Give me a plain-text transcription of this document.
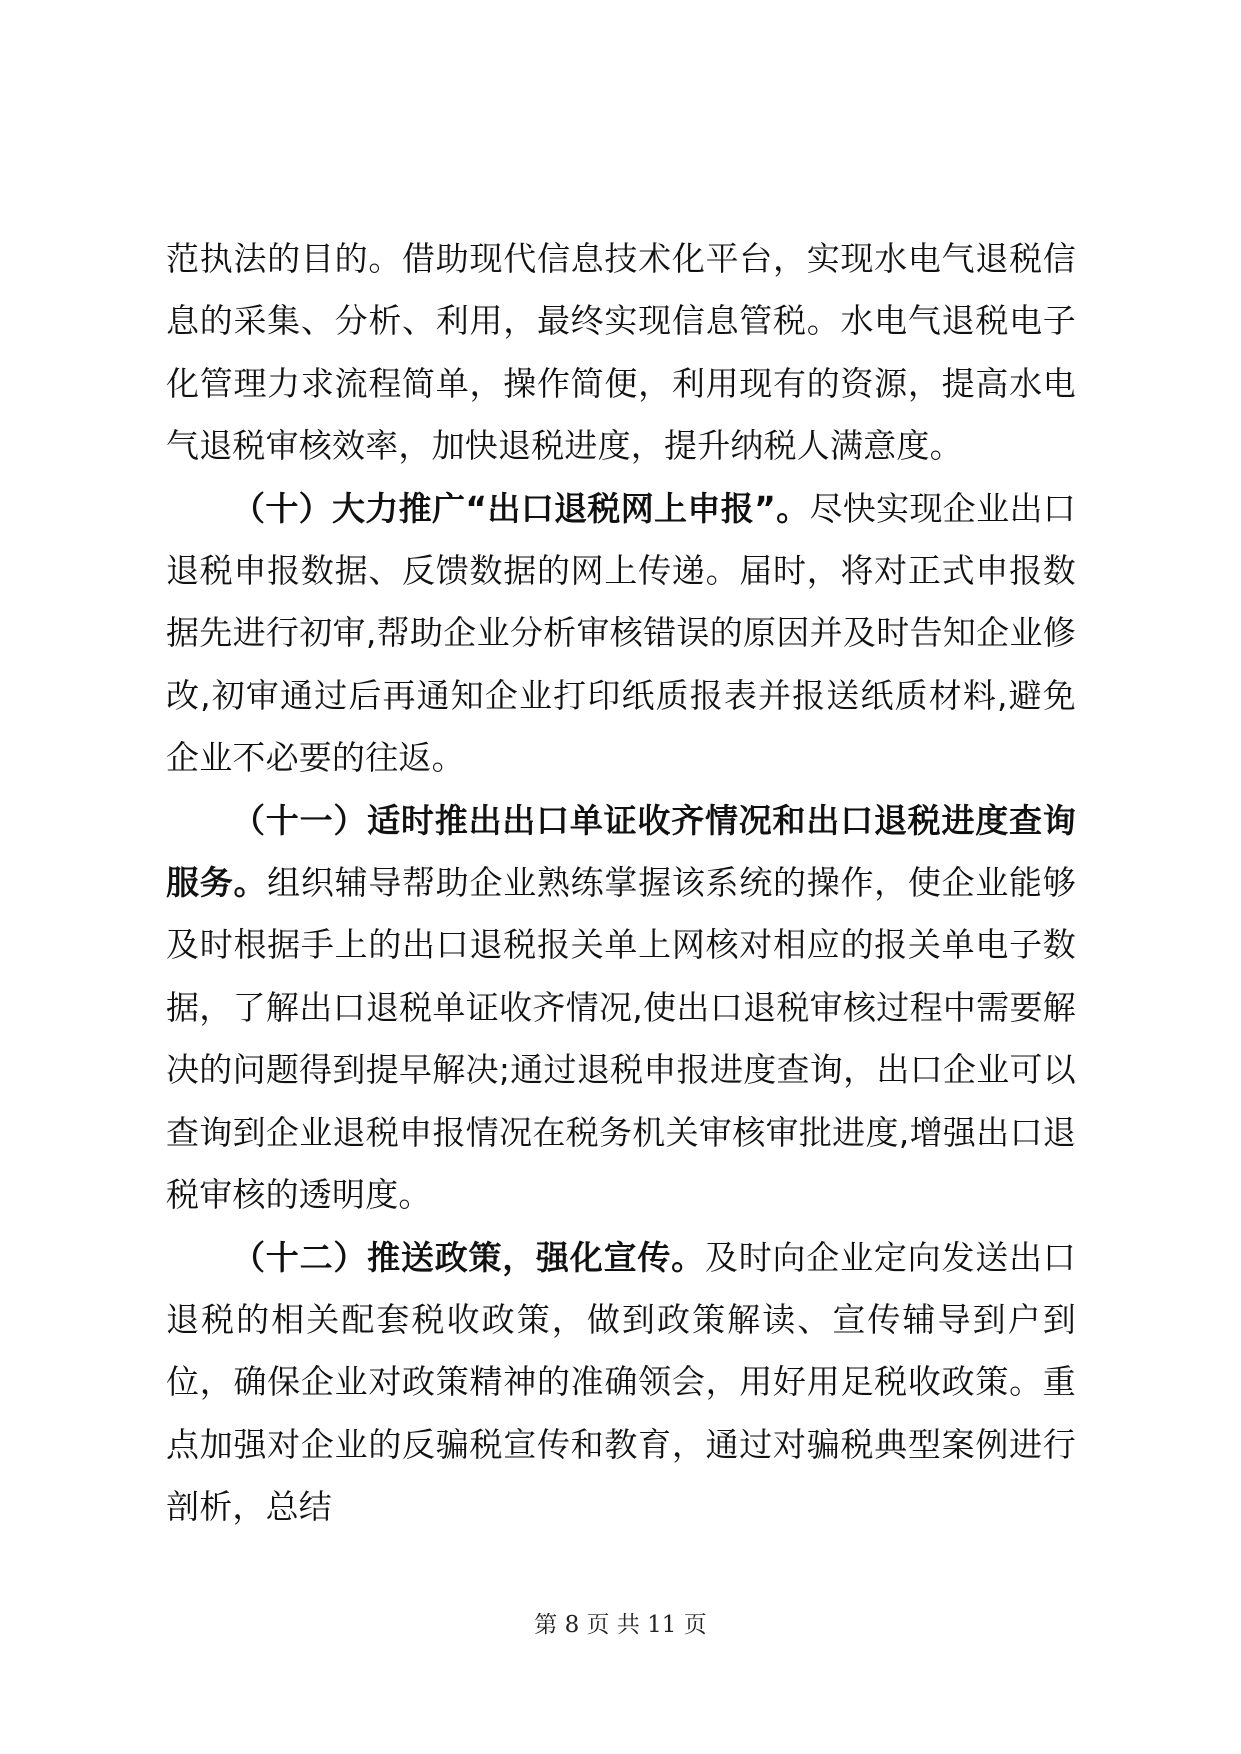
范执法的目的。借助现代信息技术化平台，实现水电气退税信息的采集、分析、利用，最终实现信息管税。水电气退税电子化管理力求流程简单，操作简便，利用现有的资源，提高水电气退税审核效率，加快退税进度，提升纳税人满意度。

（十）大力推广“出口退税网上申报”。尽快实现企业出口退税申报数据、反馈数据的网上传递。届时，将对正式申报数据先进行初审,帮助企业分析审核错误的原因并及时告知企业修改,初审通过后再通知企业打印纸质报表并报送纸质材料,避免企业不必要的往返。

（十一）适时推出出口单证收齐情况和出口退税进度查询服务。组织辅导帮助企业熟练掌握该系统的操作，使企业能够及时根据手上的出口退税报关单上网核对相应的报关单电子数据，了解出口退税单证收齐情况,使出口退税审核过程中需要解决的问题得到提早解决;通过退税申报进度查询，出口企业可以查询到企业退税申报情况在税务机关审核审批进度,增强出口退税审核的透明度。

（十二）推送政策，强化宣传。及时向企业定向发送出口退税的相关配套税收政策，做到政策解读、宣传辅导到户到位，确保企业对政策精神的准确领会，用好用足税收政策。重点加强对企业的反骗税宣传和教育，通过对骗税典型案例进行剖析，总结

第 8 页 共 11 页
